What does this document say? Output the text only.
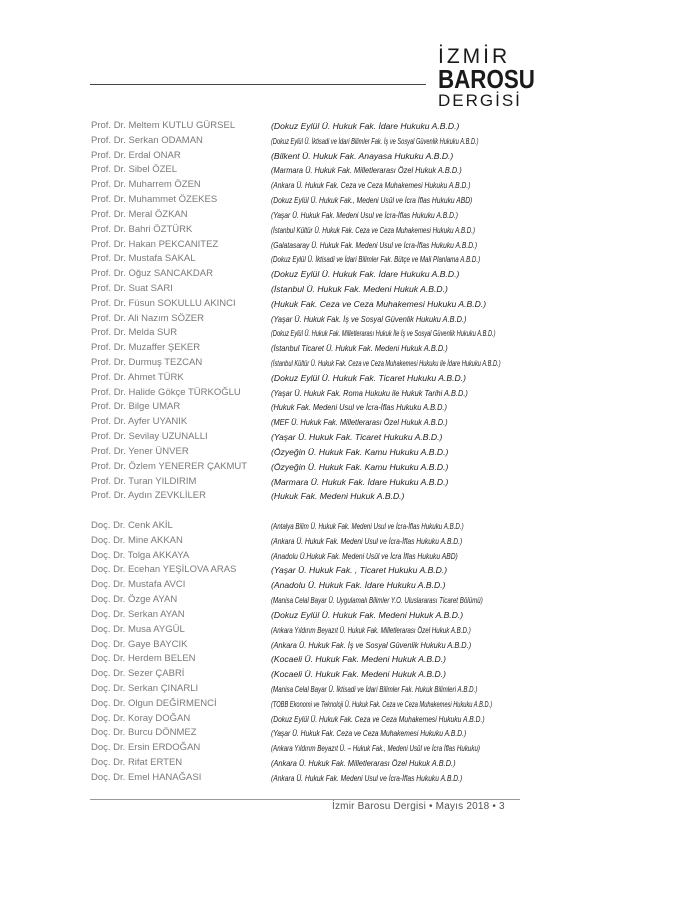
İZMİR
BAROSU
DERGİSİ
Prof. Dr. Meltem KUTLU GÜRSEL	(Dokuz Eylül Ü. Hukuk Fak. İdare Hukuku A.B.D.)
Prof. Dr. Serkan ODAMAN	(Dokuz Eylül Ü. İktisadi ve İdari Bilimler Fak. İş ve Sosyal Güvenlik Hukuku A.B.D.)
Prof. Dr. Erdal ONAR	(Bilkent Ü. Hukuk Fak. Anayasa Hukuku A.B.D.)
Prof. Dr. Sibel ÖZEL	(Marmara Ü. Hukuk Fak. Milletlerarası Özel Hukuk A.B.D.)
Prof. Dr. Muharrem ÖZEN	(Ankara Ü. Hukuk Fak. Ceza ve Ceza Muhakemesi Hukuku A.B.D.)
Prof. Dr. Muhammet ÖZEKES	(Dokuz Eylül Ü. Hukuk Fak., Medeni Usûl ve İcra İflas Hukuku ABD)
Prof. Dr. Meral ÖZKAN	(Yaşar Ü. Hukuk Fak. Medeni Usul ve İcra-İflas Hukuku A.B.D.)
Prof. Dr. Bahri ÖZTÜRK	(İstanbul Kültür Ü. Hukuk Fak. Ceza ve Ceza Muhakemesi Hukuku A.B.D.)
Prof. Dr. Hakan PEKCANITEZ	(Galatasaray Ü. Hukuk Fak. Medeni Usul ve İcra-İflas Hukuku A.B.D.)
Prof. Dr. Mustafa SAKAL	(Dokuz Eylül Ü. İktisadi ve İdari Bilimler Fak. Bütçe ve Mali Planlama A.B.D.)
Prof. Dr. Oğuz SANCAKDAR	(Dokuz Eylül Ü. Hukuk Fak. İdare Hukuku A.B.D.)
Prof. Dr. Suat SARI	(İstanbul Ü. Hukuk Fak. Medeni Hukuk A.B.D.)
Prof. Dr. Füsun SOKULLU AKINCI	(Hukuk Fak. Ceza ve Ceza Muhakemesi Hukuku A.B.D.)
Prof. Dr. Ali Nazım SÖZER	(Yaşar Ü. Hukuk Fak. İş ve Sosyal Güvenlik Hukuku A.B.D.)
Prof. Dr. Melda SUR	(Dokuz Eylül Ü. Hukuk Fak. Milletlerarası Hukuk İle İş ve Sosyal Güvenlik Hukuku A.B.D.)
Prof. Dr. Muzaffer ŞEKER	(İstanbul Ticaret Ü. Hukuk Fak. Medeni Hukuk A.B.D.)
Prof. Dr. Durmuş TEZCAN	(İstanbul Kültür Ü. Hukuk Fak. Ceza ve Ceza Muhakemesi Hukuku ile İdare Hukuku A.B.D.)
Prof. Dr. Ahmet TÜRK	(Dokuz Eylül Ü. Hukuk Fak. Ticaret Hukuku A.B.D.)
Prof. Dr. Halide Gökçe TÜRKOĞLU	(Yaşar Ü. Hukuk Fak. Roma Hukuku ile Hukuk Tarihi A.B.D.)
Prof. Dr. Bilge UMAR	(Hukuk Fak. Medeni Usul ve İcra-İflas Hukuku A.B.D.)
Prof. Dr. Ayfer UYANIK	(MEF Ü. Hukuk Fak. Milletlerarası Özel Hukuk A.B.D.)
Prof. Dr. Sevilay UZUNALLI	(Yaşar Ü. Hukuk Fak. Ticaret Hukuku A.B.D.)
Prof. Dr. Yener ÜNVER	(Özyeğin Ü. Hukuk Fak. Kamu Hukuku A.B.D.)
Prof. Dr. Özlem YENERER ÇAKMUT	(Özyeğin Ü. Hukuk Fak. Kamu Hukuku A.B.D.)
Prof. Dr. Turan YILDIRIM	(Marmara Ü. Hukuk Fak. İdare Hukuku A.B.D.)
Prof. Dr. Aydın ZEVKLİLER	(Hukuk Fak. Medeni Hukuk A.B.D.)
Doç. Dr. Cenk AKİL	(Antalya Bilim Ü. Hukuk Fak. Medeni Usul ve İcra-İflas Hukuku A.B.D.)
Doç. Dr. Mine AKKAN	(Ankara Ü. Hukuk Fak. Medeni Usul ve İcra-İflas Hukuku A.B.D.)
Doç. Dr. Tolga AKKAYA	(Anadolu Ü.Hukuk Fak. Medeni Usûl ve İcra İflas Hukuku ABD)
Doç. Dr. Ecehan YEŞİLOVA ARAS	(Yaşar Ü. Hukuk Fak. , Ticaret Hukuku A.B.D.)
Doç. Dr. Mustafa AVCI	(Anadolu Ü. Hukuk Fak. İdare Hukuku A.B.D.)
Doç. Dr. Özge AYAN	(Manisa Celal Bayar Ü. Uygulamalı Bilimler Y.O. Uluslararası Ticaret Bölümü)
Doç. Dr. Serkan AYAN	(Dokuz Eylül Ü. Hukuk Fak. Medeni Hukuk A.B.D.)
Doç. Dr. Musa AYGÜL	(Ankara Yıldırım Beyazıt Ü. Hukuk Fak. Milletlerarası Özel Hukuk A.B.D.)
Doç. Dr. Gaye BAYCIK	(Ankara Ü. Hukuk Fak. İş ve Sosyal Güvenlik Hukuku A.B.D.)
Doç. Dr. Herdem BELEN	(Kocaeli Ü. Hukuk Fak. Medeni Hukuk A.B.D.)
Doç. Dr. Sezer ÇABRİ	(Kocaeli Ü. Hukuk Fak. Medeni Hukuk A.B.D.)
Doç. Dr. Serkan ÇINARLI	(Manisa Celal Bayar Ü. İktisadi ve İdari Bilimler Fak. Hukuk Bilimleri A.B.D.)
Doç. Dr. Olgun DEĞİRMENCİ	(TOBB Ekonomi ve Teknoloji Ü. Hukuk Fak. Ceza ve Ceza Muhakemesi Hukuku A.B.D.)
Doç. Dr. Koray DOĞAN	(Dokuz Eylül Ü. Hukuk Fak. Ceza ve Ceza Muhakemesi Hukuku A.B.D.)
Doç. Dr. Burcu DÖNMEZ	(Yaşar Ü. Hukuk Fak. Ceza ve Ceza Muhakemesi Hukuku A.B.D.)
Doç. Dr. Ersin ERDOĞAN	(Ankara Yıldırım Beyazıt Ü. – Hukuk Fak., Medeni Usûl ve İcra İflas Hukuku)
Doç. Dr. Rifat ERTEN	(Ankara Ü. Hukuk Fak. Milletlerarası Özel Hukuk A.B.D.)
Doç. Dr. Emel HANAĞASI	(Ankara Ü. Hukuk Fak. Medeni Usul ve İcra-İflas Hukuku A.B.D.)
İzmir Barosu Dergisi • Mayıs 2018 • 3
